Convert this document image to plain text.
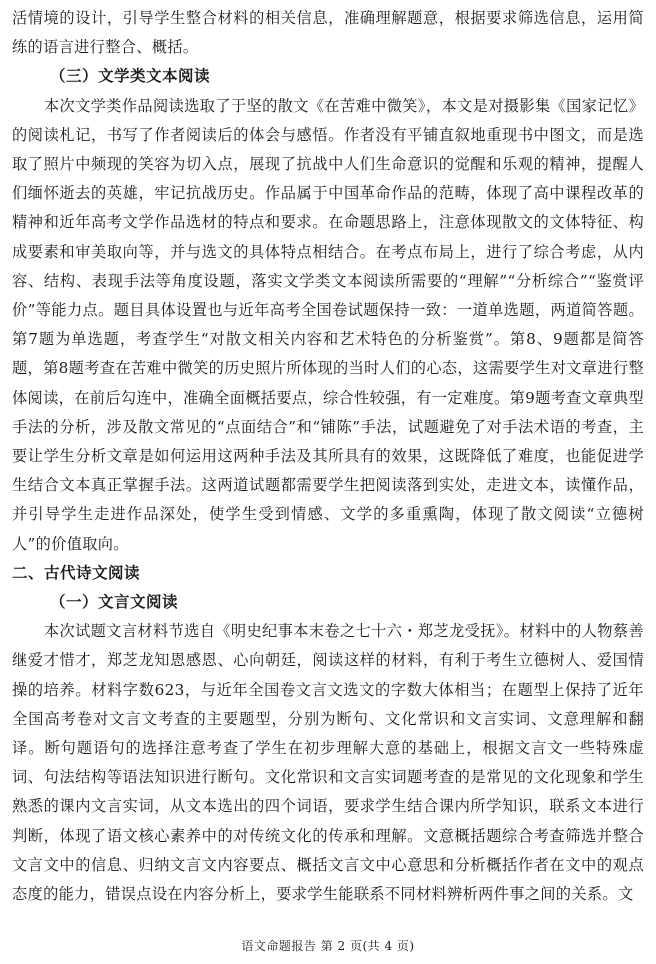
活情境的设计，引导学生整合材料的相关信息，准确理解题意，根据要求筛选信息，运用简练的语言进行整合、概括。

（三）文学类文本阅读

本次文学类作品阅读选取了于坚的散文《在苦难中微笑》，本文是对摄影集《国家记忆》的阅读札记，书写了作者阅读后的体会与感悟。作者没有平铺直叙地重现书中图文，而是选取了照片中频现的笑容为切入点，展现了抗战中人们生命意识的觉醒和乐观的精神，提醒人们缅怀逝去的英雄，牢记抗战历史。作品属于中国革命作品的范畴，体现了高中课程改革的精神和近年高考文学作品选材的特点和要求。在命题思路上，注意体现散文的文体特征、构成要素和审美取向等，并与选文的具体特点相结合。在考点布局上，进行了综合考虑，从内容、结构、表现手法等角度设题，落实文学类文本阅读所需要的“理解”“分析综合”“鉴赏评价”等能力点。题目具体设置也与近年高考全国卷试题保持一致：一道单选题，两道简答题。第7题为单选题，考查学生“对散文相关内容和艺术特色的分析鉴赏”。第8、9题都是简答题，第8题考查在苦难中微笑的历史照片所体现的当时人们的心态，这需要学生对文章进行整体阅读，在前后勾连中，准确全面概括要点，综合性较强，有一定难度。第9题考查文章典型手法的分析，涉及散文常见的“点面结合”和“铺陈”手法，试题避免了对手法术语的考查，主要让学生分析文章是如何运用这两种手法及其所具有的效果，这既降低了难度，也能促进学生结合文本真正掌握手法。这两道试题都需要学生把阅读落到实处，走进文本，读懂作品，并引导学生走进作品深处，使学生受到情感、文学的多重熏陶，体现了散文阅读“立德树人”的价值取向。

二、古代诗文阅读
（一）文言文阅读

本次试题文言材料节选自《明史纪事本末卷之七十六・郑芝龙受抚》。材料中的人物蔡善继爱才惜才，郑芝龙知恩感恩、心向朝廷，阅读这样的材料，有利于考生立德树人、爱国情操的培养。材料字数623，与近年全国卷文言文选文的字数大体相当；在题型上保持了近年全国高考卷对文言文考查的主要题型，分别为断句、文化常识和文言实词、文意理解和翻译。断句题语句的选择注意考查了学生在初步理解大意的基础上，根据文言文一些特殊虚词、句法结构等语法知识进行断句。文化常识和文言实词题考查的是常见的文化现象和学生熟悉的课内文言实词，从文本选出的四个词语，要求学生结合课内所学知识，联系文本进行判断，体现了语文核心素养中的对传统文化的传承和理解。文意概括题综合考查筛选并整合文言文中的信息、归纳文言文内容要点、概括文言文中心意思和分析概括作者在文中的观点态度的能力，错误点设在内容分析上，要求学生能联系不同材料辨析两件事之间的关系。文

语文命题报告 第 2 页(共 4 页)
